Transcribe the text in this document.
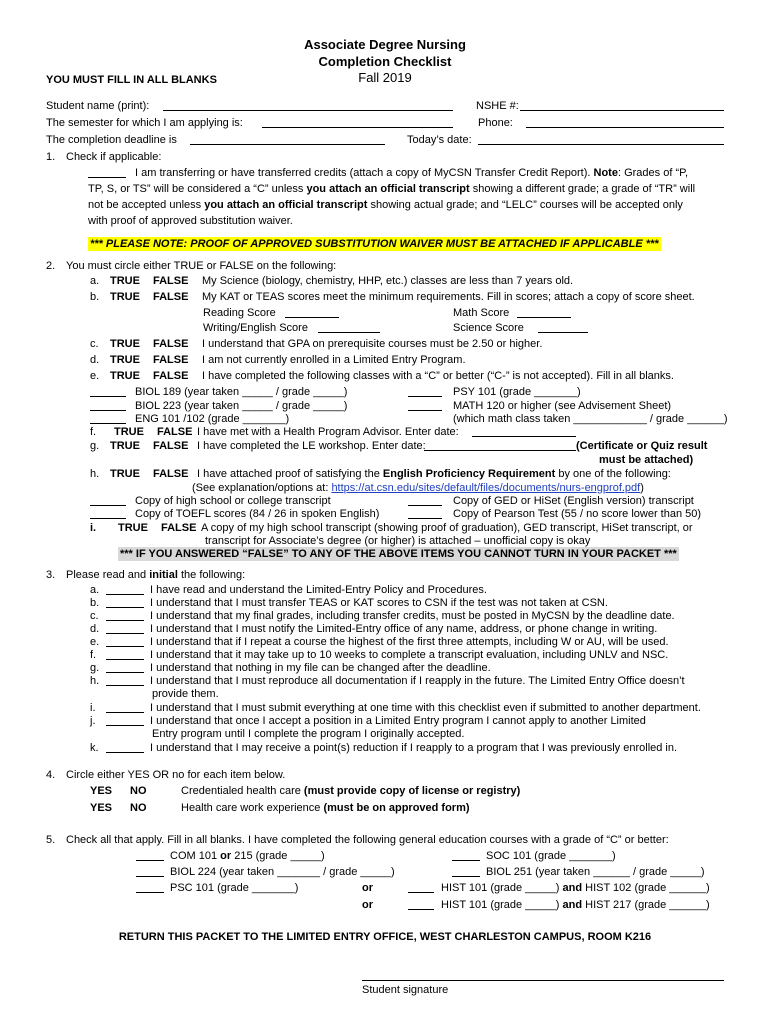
Associate Degree Nursing
Completion Checklist
Fall 2019
YOU MUST FILL IN ALL BLANKS
Student name (print):	NSHE #:
The semester for which I am applying is:	Phone:
The completion deadline is	Today’s date:
1. Check if applicable:
I am transferring or have transferred credits (attach a copy of MyCSN Transfer Credit Report). Note: Grades of “P,
TP, S, or TS” will be considered a “C” unless you attach an official transcript showing a different grade; a grade of “TR” will
not be accepted unless you attach an official transcript showing actual grade; and “LELC” courses will be accepted only
with proof of approved substitution waiver.
*** PLEASE NOTE: PROOF OF APPROVED SUBSTITUTION WAIVER MUST BE ATTACHED IF APPLICABLE ***
2. You must circle either TRUE or FALSE on the following:
a. TRUE FALSE My Science (biology, chemistry, HHP, etc.) classes are less than 7 years old.
b. TRUE FALSE My KAT or TEAS scores meet the minimum requirements. Fill in scores; attach a copy of score sheet.
Reading Score	Math Score
Writing/English Score	Science Score
c. TRUE FALSE I understand that GPA on prerequisite courses must be 2.50 or higher.
d. TRUE FALSE I am not currently enrolled in a Limited Entry Program.
e. TRUE FALSE I have completed the following classes with a “C” or better (“C-” is not accepted). Fill in all blanks.
BIOL 189 (year taken _____ / grade _____)	PSY 101 (grade _______)
BIOL 223 (year taken _____ / grade _____)	MATH 120 or higher (see Advisement Sheet)
ENG 101 /102 (grade _______)	(which math class taken ____________ / grade ______)
f. TRUE FALSE I have met with a Health Program Advisor. Enter date:
g. TRUE FALSE I have completed the LE workshop. Enter date:	(Certificate or Quiz result
must be attached)
h. TRUE FALSE I have attached proof of satisfying the English Proficiency Requirement by one of the following:
(See explanation/options at: https://at.csn.edu/sites/default/files/documents/nurs-engprof.pdf)
Copy of high school or college transcript	Copy of GED or HiSet (English version) transcript
Copy of TOEFL scores (84 / 26 in spoken English)	Copy of Pearson Test (55 / no score lower than 50)
i. TRUE FALSE A copy of my high school transcript (showing proof of graduation), GED transcript, HiSet transcript, or
transcript for Associate’s degree (or higher) is attached – unofficial copy is okay
*** IF YOU ANSWERED “FALSE” TO ANY OF THE ABOVE ITEMS YOU CANNOT TURN IN YOUR PACKET ***
3. Please read and initial the following:
a.	I have read and understand the Limited-Entry Policy and Procedures.
b.	I understand that I must transfer TEAS or KAT scores to CSN if the test was not taken at CSN.
c.	I understand that my final grades, including transfer credits, must be posted in MyCSN by the deadline date.
d.	I understand that I must notify the Limited-Entry office of any name, address, or phone change in writing.
e.	I understand that if I repeat a course the highest of the first three attempts, including W or AU, will be used.
f.	I understand that it may take up to 10 weeks to complete a transcript evaluation, including UNLV and NSC.
g.	I understand that nothing in my file can be changed after the deadline.
h.	I understand that I must reproduce all documentation if I reapply in the future. The Limited Entry Office doesn’t
i.	I understand that I must submit everything at one time with this checklist even if submitted to another department.
j.	I understand that once I accept a position in a Limited Entry program I cannot apply to another Limited
k.	I understand that I may receive a point(s) reduction if I reapply to a program that I was previously enrolled in.
provide them.
Entry program until I complete the program I originally accepted.
4. Circle either YES OR no for each item below.
YES NO	Credentialed health care (must provide copy of license or registry)
YES NO	Health care work experience (must be on approved form)
5. Check all that apply. Fill in all blanks. I have completed the following general education courses with a grade of “C” or better:
COM 101 or 215 (grade _____)	SOC 101 (grade _______)
BIOL 224 (year taken _______ / grade _____)	BIOL 251 (year taken ______ / grade _____)
PSC 101 (grade _______)	or	HIST 101 (grade _____) and HIST 102 (grade ______)
or	HIST 101 (grade _____) and HIST 217 (grade ______)
RETURN THIS PACKET TO THE LIMITED ENTRY OFFICE, WEST CHARLESTON CAMPUS, ROOM K216
Student signature
